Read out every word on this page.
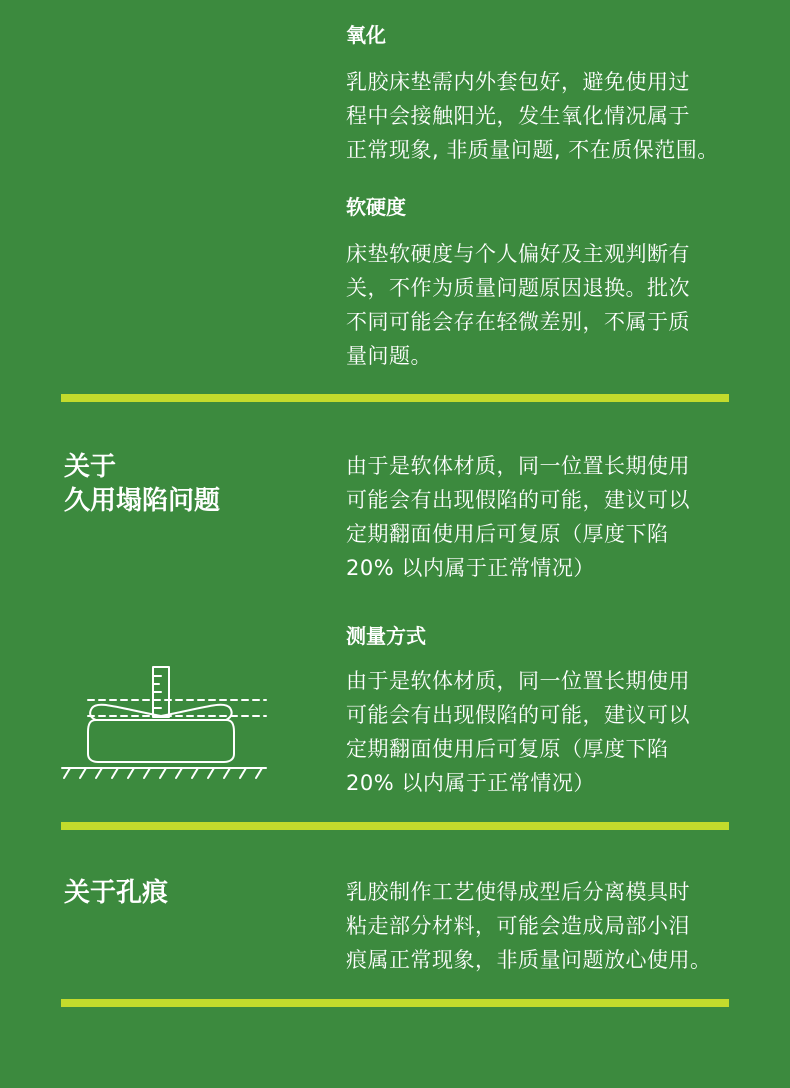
氧化

乳胶床垫需内外套包好，避免使用过
程中会接触阳光，发生氧化情况属于
正常现象, 非质量问题, 不在质保范围。

软硬度

床垫软硬度与个人偏好及主观判断有
关，不作为质量问题原因退换。批次
不同可能会存在轻微差别，不属于质
量问题。

关于
久用塌陷问题

由于是软体材质，同一位置长期使用
可能会有出现假陷的可能，建议可以
定期翻面使用后可复原（厚度下陷
20% 以内属于正常情况）

测量方式

由于是软体材质，同一位置长期使用
可能会有出现假陷的可能，建议可以
定期翻面使用后可复原（厚度下陷
20% 以内属于正常情况）

关于孔痕	乳胶制作工艺使得成型后分离模具时
粘走部分材料，可能会造成局部小泪
痕属正常现象，非质量问题放心使用。
